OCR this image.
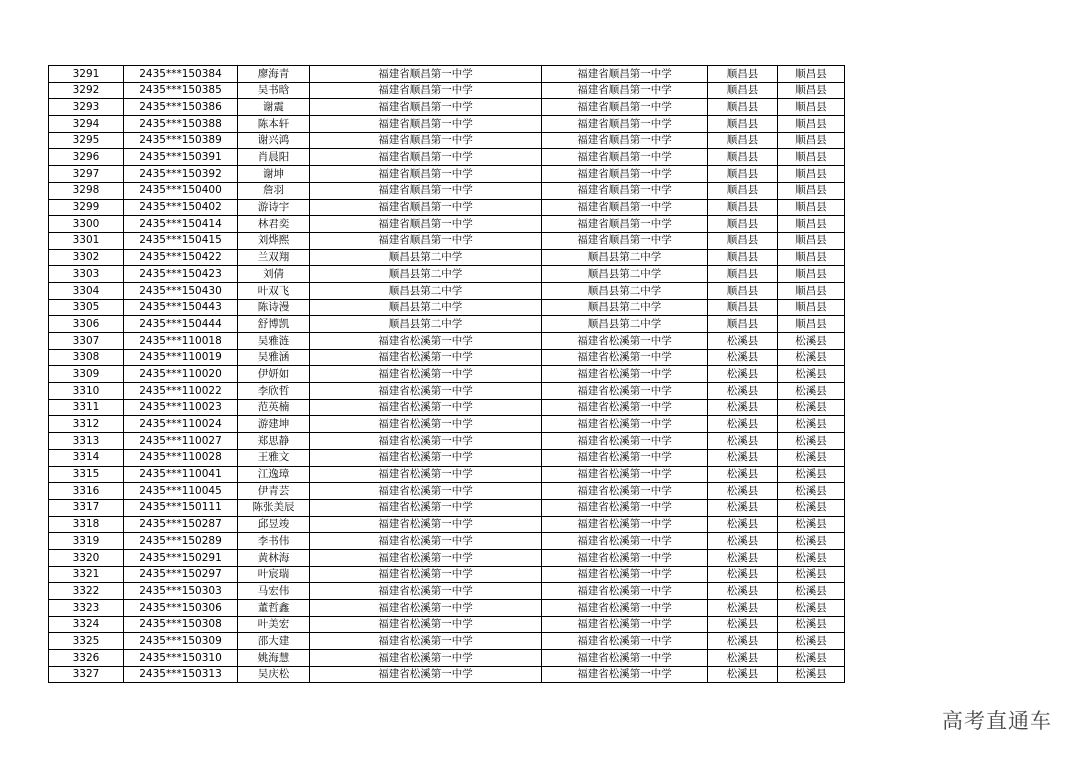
3291	2435***150384	廖海青	福建省顺昌第一中学	福建省顺昌第一中学	顺昌县	顺昌县
3292	2435***150385	吴书晗	福建省顺昌第一中学	福建省顺昌第一中学	顺昌县	顺昌县
3293	2435***150386	谢震	福建省顺昌第一中学	福建省顺昌第一中学	顺昌县	顺昌县
3294	2435***150388	陈本轩	福建省顺昌第一中学	福建省顺昌第一中学	顺昌县	顺昌县
3295	2435***150389	谢兴鸿	福建省顺昌第一中学	福建省顺昌第一中学	顺昌县	顺昌县
3296	2435***150391	肖晨阳	福建省顺昌第一中学	福建省顺昌第一中学	顺昌县	顺昌县
3297	2435***150392	谢坤	福建省顺昌第一中学	福建省顺昌第一中学	顺昌县	顺昌县
3298	2435***150400	詹羽	福建省顺昌第一中学	福建省顺昌第一中学	顺昌县	顺昌县
3299	2435***150402	游诗宇	福建省顺昌第一中学	福建省顺昌第一中学	顺昌县	顺昌县
3300	2435***150414	林君奕	福建省顺昌第一中学	福建省顺昌第一中学	顺昌县	顺昌县
3301	2435***150415	刘烨熙	福建省顺昌第一中学	福建省顺昌第一中学	顺昌县	顺昌县
3302	2435***150422	兰双翔	顺昌县第二中学	顺昌县第二中学	顺昌县	顺昌县
3303	2435***150423	刘倩	顺昌县第二中学	顺昌县第二中学	顺昌县	顺昌县
3304	2435***150430	叶双飞	顺昌县第二中学	顺昌县第二中学	顺昌县	顺昌县
3305	2435***150443	陈诗漫	顺昌县第二中学	顺昌县第二中学	顺昌县	顺昌县
3306	2435***150444	舒博凯	顺昌县第二中学	顺昌县第二中学	顺昌县	顺昌县
3307	2435***110018	吴雅涟	福建省松溪第一中学	福建省松溪第一中学	松溪县	松溪县
3308	2435***110019	吴雅涵	福建省松溪第一中学	福建省松溪第一中学	松溪县	松溪县
3309	2435***110020	伊妍如	福建省松溪第一中学	福建省松溪第一中学	松溪县	松溪县
3310	2435***110022	李欣哲	福建省松溪第一中学	福建省松溪第一中学	松溪县	松溪县
3311	2435***110023	范英楠	福建省松溪第一中学	福建省松溪第一中学	松溪县	松溪县
3312	2435***110024	游建坤	福建省松溪第一中学	福建省松溪第一中学	松溪县	松溪县
3313	2435***110027	郑思静	福建省松溪第一中学	福建省松溪第一中学	松溪县	松溪县
3314	2435***110028	王雅文	福建省松溪第一中学	福建省松溪第一中学	松溪县	松溪县
3315	2435***110041	江逸璋	福建省松溪第一中学	福建省松溪第一中学	松溪县	松溪县
3316	2435***110045	伊青芸	福建省松溪第一中学	福建省松溪第一中学	松溪县	松溪县
3317	2435***150111	陈张美辰	福建省松溪第一中学	福建省松溪第一中学	松溪县	松溪县
3318	2435***150287	邱昱竣	福建省松溪第一中学	福建省松溪第一中学	松溪县	松溪县
3319	2435***150289	李书伟	福建省松溪第一中学	福建省松溪第一中学	松溪县	松溪县
3320	2435***150291	黄林海	福建省松溪第一中学	福建省松溪第一中学	松溪县	松溪县
3321	2435***150297	叶宸瑞	福建省松溪第一中学	福建省松溪第一中学	松溪县	松溪县
3322	2435***150303	马宏伟	福建省松溪第一中学	福建省松溪第一中学	松溪县	松溪县
3323	2435***150306	董哲鑫	福建省松溪第一中学	福建省松溪第一中学	松溪县	松溪县
3324	2435***150308	叶美宏	福建省松溪第一中学	福建省松溪第一中学	松溪县	松溪县
3325	2435***150309	邵大建	福建省松溪第一中学	福建省松溪第一中学	松溪县	松溪县
3326	2435***150310	姚海慧	福建省松溪第一中学	福建省松溪第一中学	松溪县	松溪县
3327	2435***150313	吴庆松	福建省松溪第一中学	福建省松溪第一中学	松溪县	松溪县
高考直通车
